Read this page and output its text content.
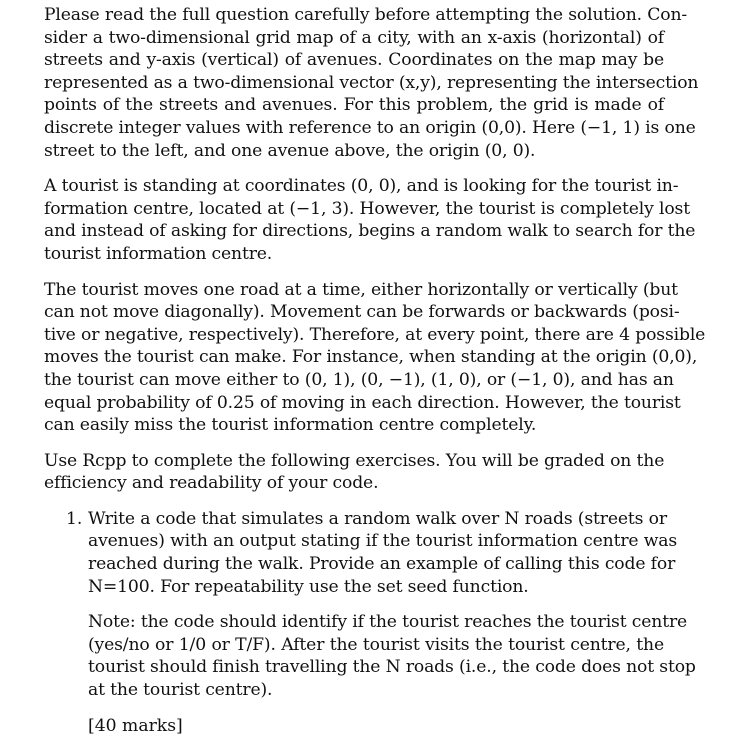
Please read the full question carefully before attempting the solution. Con-
sider a two-dimensional grid map of a city, with an x-axis (horizontal) of
streets and y-axis (vertical) of avenues. Coordinates on the map may be
represented as a two-dimensional vector (x,y), representing the intersection
points of the streets and avenues. For this problem, the grid is made of
discrete integer values with reference to an origin (0,0). Here (−1, 1) is one
street to the left, and one avenue above, the origin (0, 0).
A tourist is standing at coordinates (0, 0), and is looking for the tourist in-
formation centre, located at (−1, 3). However, the tourist is completely lost
and instead of asking for directions, begins a random walk to search for the
tourist information centre.
The tourist moves one road at a time, either horizontally or vertically (but
can not move diagonally). Movement can be forwards or backwards (posi-
tive or negative, respectively). Therefore, at every point, there are 4 possible
moves the tourist can make. For instance, when standing at the origin (0,0),
the tourist can move either to (0, 1), (0, −1), (1, 0), or (−1, 0), and has an
equal probability of 0.25 of moving in each direction. However, the tourist
can easily miss the tourist information centre completely.
Use Rcpp to complete the following exercises. You will be graded on the
efficiency and readability of your code.
1. Write a code that simulates a random walk over N roads (streets or
avenues) with an output stating if the tourist information centre was
reached during the walk. Provide an example of calling this code for
N=100. For repeatability use the set seed function.
Note: the code should identify if the tourist reaches the tourist centre
(yes/no or 1/0 or T/F). After the tourist visits the tourist centre, the
tourist should finish travelling the N roads (i.e., the code does not stop
at the tourist centre).
[40 marks]
